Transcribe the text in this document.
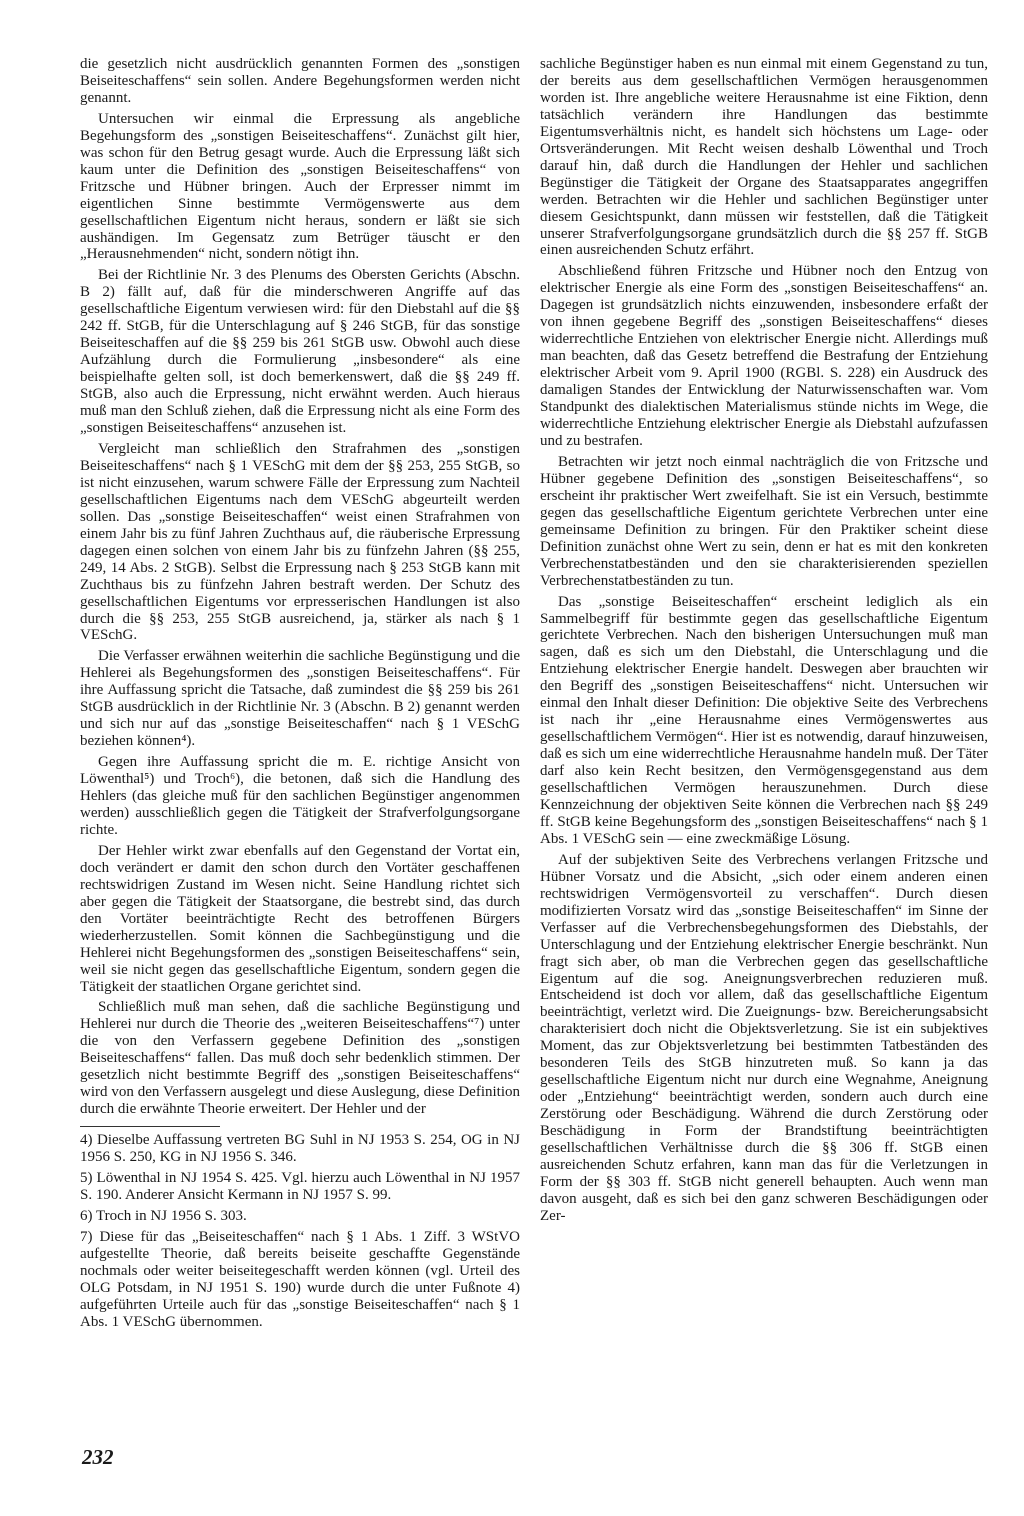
die gesetzlich nicht ausdrücklich genannten Formen des „sonstigen Beiseiteschaffens“ sein sollen. Andere Begehungsformen werden nicht genannt.

Untersuchen wir einmal die Erpressung als angebliche Begehungsform des „sonstigen Beiseiteschaffens“. Zunächst gilt hier, was schon für den Betrug gesagt wurde. Auch die Erpressung läßt sich kaum unter die Definition des „sonstigen Beiseiteschaffens“ von Fritzsche und Hübner bringen. Auch der Erpresser nimmt im eigentlichen Sinne bestimmte Vermögenswerte aus dem gesellschaftlichen Eigentum nicht heraus, sondern er läßt sie sich aushändigen. Im Gegensatz zum Betrüger täuscht er den „Herausnehmenden“ nicht, sondern nötigt ihn.

Bei der Richtlinie Nr. 3 des Plenums des Obersten Gerichts (Abschn. B 2) fällt auf, daß für die minderschweren Angriffe auf das gesellschaftliche Eigentum verwiesen wird: für den Diebstahl auf die §§ 242 ff. StGB, für die Unterschlagung auf § 246 StGB, für das sonstige Beiseiteschaffen auf die §§ 259 bis 261 StGB usw. Obwohl auch diese Aufzählung durch die Formulierung „insbesondere“ als eine beispielhafte gelten soll, ist doch bemerkenswert, daß die §§ 249 ff. StGB, also auch die Erpressung, nicht erwähnt werden. Auch hieraus muß man den Schluß ziehen, daß die Erpressung nicht als eine Form des „sonstigen Beiseiteschaffens“ anzusehen ist.

Vergleicht man schließlich den Strafrahmen des „sonstigen Beiseiteschaffens“ nach § 1 VESchG mit dem der §§ 253, 255 StGB, so ist nicht einzusehen, warum schwere Fälle der Erpressung zum Nachteil gesellschaftlichen Eigentums nach dem VESchG abgeurteilt werden sollen. Das „sonstige Beiseiteschaffen“ weist einen Strafrahmen von einem Jahr bis zu fünf Jahren Zuchthaus auf, die räuberische Erpressung dagegen einen solchen von einem Jahr bis zu fünfzehn Jahren (§§ 255, 249, 14 Abs. 2 StGB). Selbst die Erpressung nach § 253 StGB kann mit Zuchthaus bis zu fünfzehn Jahren bestraft werden. Der Schutz des gesellschaftlichen Eigentums vor erpresserischen Handlungen ist also durch die §§ 253, 255 StGB ausreichend, ja, stärker als nach § 1 VESchG.

Die Verfasser erwähnen weiterhin die sachliche Begünstigung und die Hehlerei als Begehungsformen des „sonstigen Beiseiteschaffens“. Für ihre Auffassung spricht die Tatsache, daß zumindest die §§ 259 bis 261 StGB ausdrücklich in der Richtlinie Nr. 3 (Abschn. B 2) genannt werden und sich nur auf das „sonstige Beiseiteschaffen“ nach § 1 VESchG beziehen können⁴).

Gegen ihre Auffassung spricht die m. E. richtige Ansicht von Löwenthal⁵) und Troch⁶), die betonen, daß sich die Handlung des Hehlers (das gleiche muß für den sachlichen Begünstiger angenommen werden) ausschließlich gegen die Tätigkeit der Strafverfolgungsorgane richte.

Der Hehler wirkt zwar ebenfalls auf den Gegenstand der Vortat ein, doch verändert er damit den schon durch den Vortäter geschaffenen rechtswidrigen Zustand im Wesen nicht. Seine Handlung richtet sich aber gegen die Tätigkeit der Staatsorgane, die bestrebt sind, das durch den Vortäter beeinträchtigte Recht des betroffenen Bürgers wiederherzustellen. Somit können die Sachbegünstigung und die Hehlerei nicht Begehungsformen des „sonstigen Beiseiteschaffens“ sein, weil sie nicht gegen das gesellschaftliche Eigentum, sondern gegen die Tätigkeit der staatlichen Organe gerichtet sind.

Schließlich muß man sehen, daß die sachliche Begünstigung und Hehlerei nur durch die Theorie des „weiteren Beiseiteschaffens“⁷) unter die von den Verfassern gegebene Definition des „sonstigen Beiseiteschaffens“ fallen. Das muß doch sehr bedenklich stimmen. Der gesetzlich nicht bestimmte Begriff des „sonstigen Beiseiteschaffens“ wird von den Verfassern ausgelegt und diese Auslegung, diese Definition durch die erwähnte Theorie erweitert. Der Hehler und der

4) Dieselbe Auffassung vertreten BG Suhl in NJ 1953 S. 254, OG in NJ 1956 S. 250, KG in NJ 1956 S. 346.

5) Löwenthal in NJ 1954 S. 425. Vgl. hierzu auch Löwenthal in NJ 1957 S. 190. Anderer Ansicht Kermann in NJ 1957 S. 99.

6) Troch in NJ 1956 S. 303.

7) Diese für das „Beiseiteschaffen“ nach § 1 Abs. 1 Ziff. 3 WStVO aufgestellte Theorie, daß bereits beiseite geschaffte Gegenstände nochmals oder weiter beiseitegeschafft werden können (vgl. Urteil des OLG Potsdam, in NJ 1951 S. 190) wurde durch die unter Fußnote 4) aufgeführten Urteile auch für das „sonstige Beiseiteschaffen“ nach § 1 Abs. 1 VESchG übernommen.

sachliche Begünstiger haben es nun einmal mit einem Gegenstand zu tun, der bereits aus dem gesellschaftlichen Vermögen herausgenommen worden ist. Ihre angebliche weitere Herausnahme ist eine Fiktion, denn tatsächlich verändern ihre Handlungen das bestimmte Eigentumsverhältnis nicht, es handelt sich höchstens um Lage- oder Ortsveränderungen. Mit Recht weisen deshalb Löwenthal und Troch darauf hin, daß durch die Handlungen der Hehler und sachlichen Begünstiger die Tätigkeit der Organe des Staatsapparates angegriffen werden. Betrachten wir die Hehler und sachlichen Begünstiger unter diesem Gesichtspunkt, dann müssen wir feststellen, daß die Tätigkeit unserer Strafverfolgungsorgane grundsätzlich durch die §§ 257 ff. StGB einen ausreichenden Schutz erfährt.

Abschließend führen Fritzsche und Hübner noch den Entzug von elektrischer Energie als eine Form des „sonstigen Beiseiteschaffens“ an. Dagegen ist grundsätzlich nichts einzuwenden, insbesondere erfaßt der von ihnen gegebene Begriff des „sonstigen Beiseiteschaffens“ dieses widerrechtliche Entziehen von elektrischer Energie nicht. Allerdings muß man beachten, daß das Gesetz betreffend die Bestrafung der Entziehung elektrischer Arbeit vom 9. April 1900 (RGBl. S. 228) ein Ausdruck des damaligen Standes der Entwicklung der Naturwissenschaften war. Vom Standpunkt des dialektischen Materialismus stünde nichts im Wege, die widerrechtliche Entziehung elektrischer Energie als Diebstahl aufzufassen und zu bestrafen.

Betrachten wir jetzt noch einmal nachträglich die von Fritzsche und Hübner gegebene Definition des „sonstigen Beiseiteschaffens“, so erscheint ihr praktischer Wert zweifelhaft. Sie ist ein Versuch, bestimmte gegen das gesellschaftliche Eigentum gerichtete Verbrechen unter eine gemeinsame Definition zu bringen. Für den Praktiker scheint diese Definition zunächst ohne Wert zu sein, denn er hat es mit den konkreten Verbrechenstatbeständen und den sie charakterisierenden speziellen Verbrechenstatbeständen zu tun.

Das „sonstige Beiseiteschaffen“ erscheint lediglich als ein Sammelbegriff für bestimmte gegen das gesellschaftliche Eigentum gerichtete Verbrechen. Nach den bisherigen Untersuchungen muß man sagen, daß es sich um den Diebstahl, die Unterschlagung und die Entziehung elektrischer Energie handelt. Deswegen aber brauchten wir den Begriff des „sonstigen Beiseiteschaffens“ nicht. Untersuchen wir einmal den Inhalt dieser Definition: Die objektive Seite des Verbrechens ist nach ihr „eine Herausnahme eines Vermögenswertes aus gesellschaftlichem Vermögen“. Hier ist es notwendig, darauf hinzuweisen, daß es sich um eine widerrechtliche Herausnahme handeln muß. Der Täter darf also kein Recht besitzen, den Vermögensgegenstand aus dem gesellschaftlichen Vermögen herauszunehmen. Durch diese Kennzeichnung der objektiven Seite können die Verbrechen nach §§ 249 ff. StGB keine Begehungsform des „sonstigen Beiseiteschaffens“ nach § 1 Abs. 1 VESchG sein — eine zweckmäßige Lösung.

Auf der subjektiven Seite des Verbrechens verlangen Fritzsche und Hübner Vorsatz und die Absicht, „sich oder einem anderen einen rechtswidrigen Vermögensvorteil zu verschaffen“. Durch diesen modifizierten Vorsatz wird das „sonstige Beiseiteschaffen“ im Sinne der Verfasser auf die Verbrechensbegehungsformen des Diebstahls, der Unterschlagung und der Entziehung elektrischer Energie beschränkt. Nun fragt sich aber, ob man die Verbrechen gegen das gesellschaftliche Eigentum auf die sog. Aneignungsverbrechen reduzieren muß. Entscheidend ist doch vor allem, daß das gesellschaftliche Eigentum beeinträchtigt, verletzt wird. Die Zueignungs- bzw. Bereicherungsabsicht charakterisiert doch nicht die Objektsverletzung. Sie ist ein subjektives Moment, das zur Objektsverletzung bei bestimmten Tatbeständen des besonderen Teils des StGB hinzutreten muß. So kann ja das gesellschaftliche Eigentum nicht nur durch eine Wegnahme, Aneignung oder „Entziehung“ beeinträchtigt werden, sondern auch durch eine Zerstörung oder Beschädigung. Während die durch Zerstörung oder Beschädigung in Form der Brandstiftung beeinträchtigten gesellschaftlichen Verhältnisse durch die §§ 306 ff. StGB einen ausreichenden Schutz erfahren, kann man das für die Verletzungen in Form der §§ 303 ff. StGB nicht generell behaupten. Auch wenn man davon ausgeht, daß es sich bei den ganz schweren Beschädigungen oder Zer-

232
